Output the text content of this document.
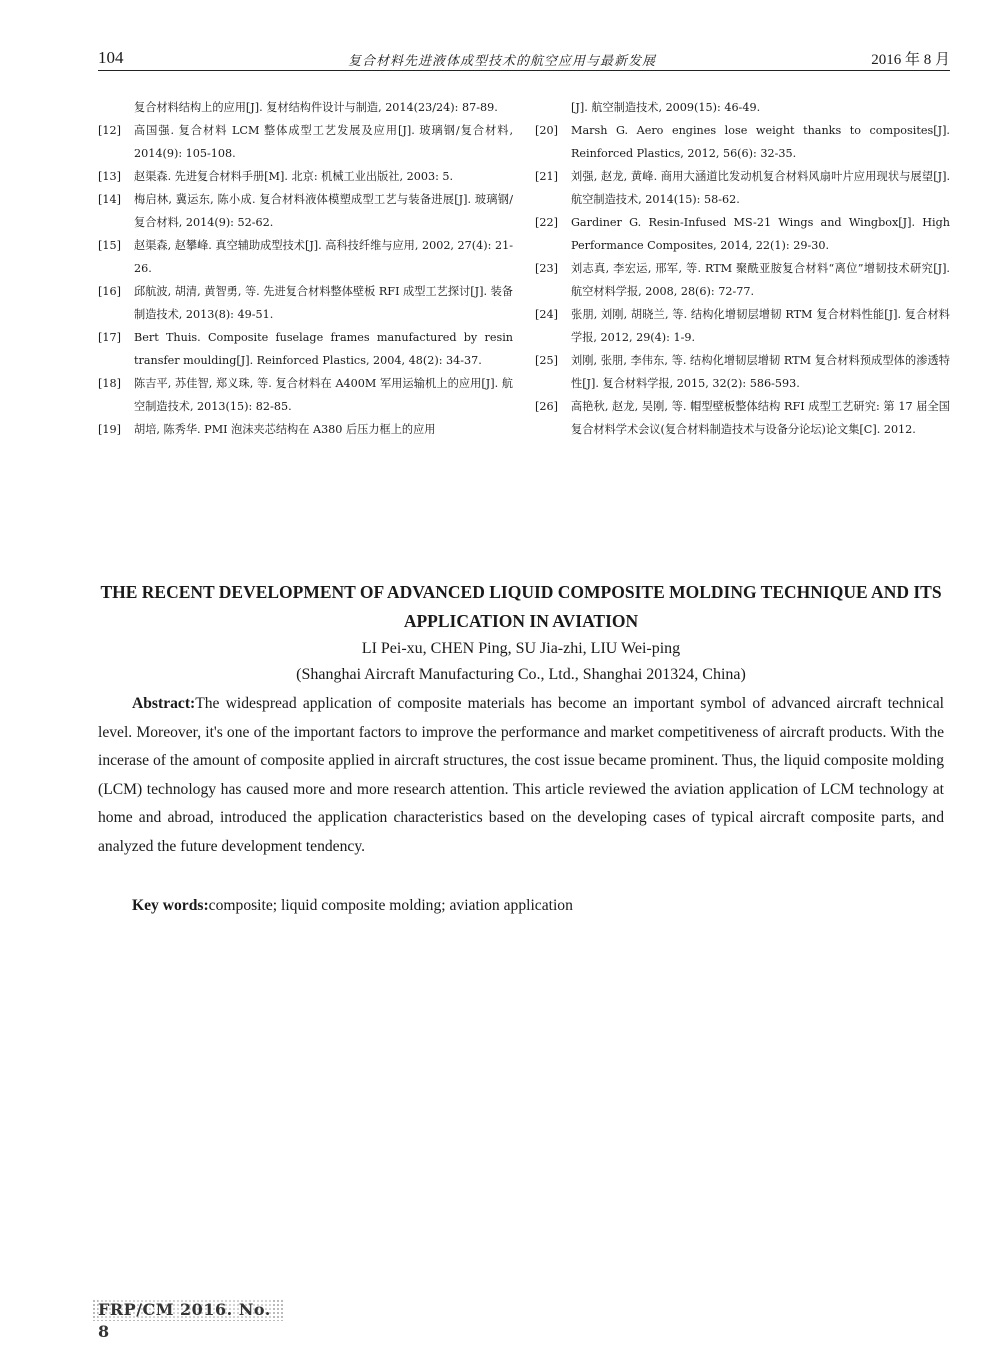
104	复合材料先进液体成型技术的航空应用与最新发展	2016 年 8 月

复合材料结构上的应用[J]. 复材结构件设计与制造, 2014(23/24): 87-89.

[12] 高国强. 复合材料 LCM 整体成型工艺发展及应用[J]. 玻璃钢/复合材料, 2014(9): 105-108.

[13] 赵渠森. 先进复合材料手册[M]. 北京: 机械工业出版社, 2003: 5.

[14] 梅启林, 冀运东, 陈小成. 复合材料液体模塑成型工艺与装备进展[J]. 玻璃钢/复合材料, 2014(9): 52-62.

[15] 赵渠森, 赵攀峰. 真空辅助成型技术[J]. 高科技纤维与应用, 2002, 27(4): 21-26.

[16] 邱航波, 胡清, 黄智勇, 等. 先进复合材料整体壁板 RFI 成型工艺探讨[J]. 装备制造技术, 2013(8): 49-51.

[17] Bert Thuis. Composite fuselage frames manufactured by resin transfer moulding[J]. Reinforced Plastics, 2004, 48(2): 34-37.

[18] 陈吉平, 苏佳智, 郑义珠, 等. 复合材料在 A400M 军用运输机上的应用[J]. 航空制造技术, 2013(15): 82-85.

[19] 胡培, 陈秀华. PMI 泡沫夹芯结构在 A380 后压力框上的应用

[J]. 航空制造技术, 2009(15): 46-49.

[20] Marsh G. Aero engines lose weight thanks to composites[J]. Reinforced Plastics, 2012, 56(6): 32-35.

[21] 刘强, 赵龙, 黄峰. 商用大涵道比发动机复合材料风扇叶片应用现状与展望[J]. 航空制造技术, 2014(15): 58-62.

[22] Gardiner G. Resin-Infused MS-21 Wings and Wingbox[J]. High Performance Composites, 2014, 22(1): 29-30.

[23] 刘志真, 李宏运, 邢军, 等. RTM 聚酰亚胺复合材料“离位”增韧技术研究[J]. 航空材料学报, 2008, 28(6): 72-77.

[24] 张朋, 刘刚, 胡晓兰, 等. 结构化增韧层增韧 RTM 复合材料性能[J]. 复合材料学报, 2012, 29(4): 1-9.

[25] 刘刚, 张朋, 李伟东, 等. 结构化增韧层增韧 RTM 复合材料预成型体的渗透特性[J]. 复合材料学报, 2015, 32(2): 586-593.

[26] 高艳秋, 赵龙, 吴刚, 等. 帽型壁板整体结构 RFI 成型工艺研究: 第 17 届全国复合材料学术会议(复合材料制造技术与设备分论坛)论文集[C]. 2012.

THE RECENT DEVELOPMENT OF ADVANCED LIQUID COMPOSITE MOLDING TECHNIQUE AND ITS APPLICATION IN AVIATION
LI Pei-xu, CHEN Ping, SU Jia-zhi, LIU Wei-ping
(Shanghai Aircraft Manufacturing Co., Ltd., Shanghai 201324, China)
Abstract:The widespread application of composite materials has become an important symbol of advanced aircraft technical level. Moreover, it's one of the important factors to improve the performance and market competitiveness of aircraft products. With the incerase of the amount of composite applied in aircraft structures, the cost issue became prominent. Thus, the liquid composite molding (LCM) technology has caused more and more research attention. This article reviewed the aviation application of LCM technology at home and abroad, introduced the application characteristics based on the developing cases of typical aircraft composite parts, and analyzed the future development tendency.
Key words:composite; liquid composite molding; aviation application
FRP/CM 2016. No. 8
